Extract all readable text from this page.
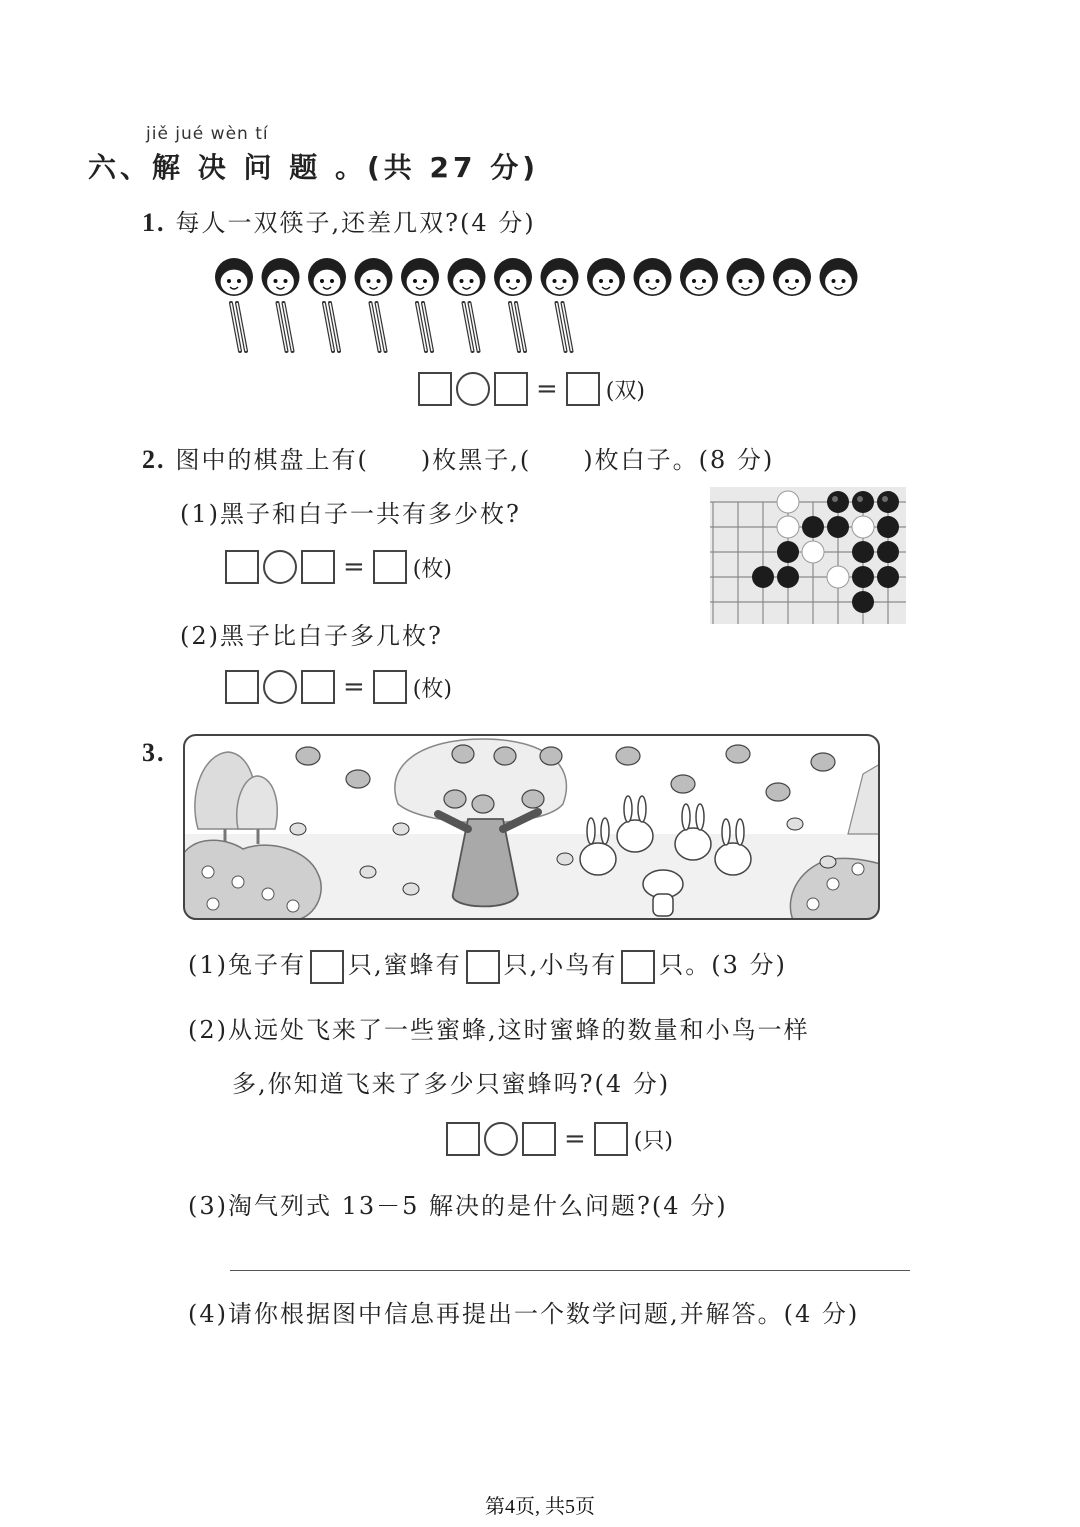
jiě jué wèn tí
六、解 决 问 题 。(共 27 分)
1. 每人一双筷子,还差几双?(4 分)
= (双)
2. 图中的棋盘上有(　　)枚黑子,(　　)枚白子。(8 分)
(1)黑子和白子一共有多少枚?
= (枚)
(2)黑子比白子多几枚?
= (枚)
3.
(1)兔子有 只,蜜蜂有 只,小鸟有 只。(3 分)
(2)从远处飞来了一些蜜蜂,这时蜜蜂的数量和小鸟一样
多,你知道飞来了多少只蜜蜂吗?(4 分)
= (只)
(3)淘气列式 13－5 解决的是什么问题?(4 分)
(4)请你根据图中信息再提出一个数学问题,并解答。(4 分)
第4页, 共5页
